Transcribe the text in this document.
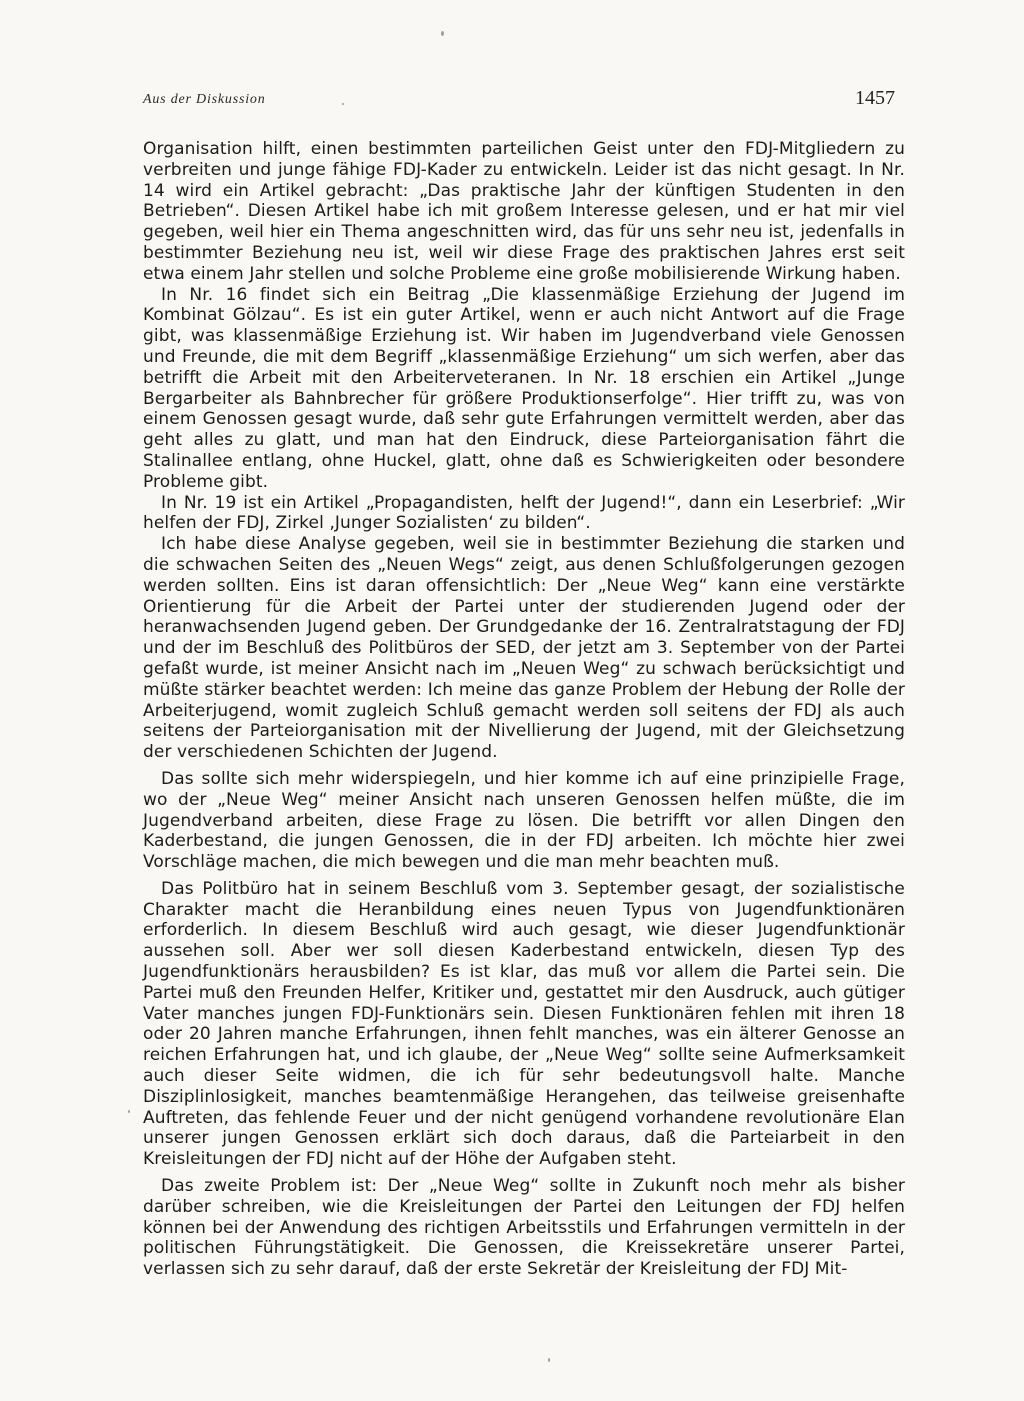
Aus der Diskussion	1457

Organisation hilft, einen bestimmten parteilichen Geist unter den FDJ-Mitgliedern zu verbreiten und junge fähige FDJ-Kader zu entwickeln. Leider ist das nicht gesagt. In Nr. 14 wird ein Artikel gebracht: „Das praktische Jahr der künftigen Studenten in den Betrieben“. Diesen Artikel habe ich mit großem Interesse gelesen, und er hat mir viel gegeben, weil hier ein Thema angeschnitten wird, das für uns sehr neu ist, jedenfalls in bestimmter Beziehung neu ist, weil wir diese Frage des praktischen Jahres erst seit etwa einem Jahr stellen und solche Probleme eine große mobilisierende Wirkung haben.

In Nr. 16 findet sich ein Beitrag „Die klassenmäßige Erziehung der Jugend im Kombinat Gölzau“. Es ist ein guter Artikel, wenn er auch nicht Antwort auf die Frage gibt, was klassenmäßige Erziehung ist. Wir haben im Jugendverband viele Genossen und Freunde, die mit dem Begriff „klassenmäßige Erziehung“ um sich werfen, aber das betrifft die Arbeit mit den Arbeiterveteranen. In Nr. 18 erschien ein Artikel „Junge Bergarbeiter als Bahnbrecher für größere Produktionserfolge“. Hier trifft zu, was von einem Genossen gesagt wurde, daß sehr gute Erfahrungen vermittelt werden, aber das geht alles zu glatt, und man hat den Eindruck, diese Parteiorganisation fährt die Stalinallee entlang, ohne Huckel, glatt, ohne daß es Schwierigkeiten oder besondere Probleme gibt.

In Nr. 19 ist ein Artikel „Propagandisten, helft der Jugend!“, dann ein Leserbrief: „Wir helfen der FDJ, Zirkel ‚Junger Sozialisten‘ zu bilden“.

Ich habe diese Analyse gegeben, weil sie in bestimmter Beziehung die starken und die schwachen Seiten des „Neuen Wegs“ zeigt, aus denen Schlußfolgerungen gezogen werden sollten. Eins ist daran offensichtlich: Der „Neue Weg“ kann eine verstärkte Orientierung für die Arbeit der Partei unter der studierenden Jugend oder der heranwachsenden Jugend geben. Der Grundgedanke der 16. Zentralratstagung der FDJ und der im Beschluß des Politbüros der SED, der jetzt am 3. September von der Partei gefaßt wurde, ist meiner Ansicht nach im „Neuen Weg“ zu schwach berücksichtigt und müßte stärker beachtet werden: Ich meine das ganze Problem der Hebung der Rolle der Arbeiterjugend, womit zugleich Schluß gemacht werden soll seitens der FDJ als auch seitens der Parteiorganisation mit der Nivellierung der Jugend, mit der Gleichsetzung der verschiedenen Schichten der Jugend.

Das sollte sich mehr widerspiegeln, und hier komme ich auf eine prinzipielle Frage, wo der „Neue Weg“ meiner Ansicht nach unseren Genossen helfen müßte, die im Jugendverband arbeiten, diese Frage zu lösen. Die betrifft vor allen Dingen den Kaderbestand, die jungen Genossen, die in der FDJ arbeiten. Ich möchte hier zwei Vorschläge machen, die mich bewegen und die man mehr beachten muß.

Das Politbüro hat in seinem Beschluß vom 3. September gesagt, der sozialistische Charakter macht die Heranbildung eines neuen Typus von Jugendfunktionären erforderlich. In diesem Beschluß wird auch gesagt, wie dieser Jugendfunktionär aussehen soll. Aber wer soll diesen Kaderbestand entwickeln, diesen Typ des Jugendfunktionärs herausbilden? Es ist klar, das muß vor allem die Partei sein. Die Partei muß den Freunden Helfer, Kritiker und, gestattet mir den Ausdruck, auch gütiger Vater manches jungen FDJ-Funktionärs sein. Diesen Funktionären fehlen mit ihren 18 oder 20 Jahren manche Erfahrungen, ihnen fehlt manches, was ein älterer Genosse an reichen Erfahrungen hat, und ich glaube, der „Neue Weg“ sollte seine Aufmerksamkeit auch dieser Seite widmen, die ich für sehr bedeutungsvoll halte. Manche Disziplinlosigkeit, manches beamtenmäßige Herangehen, das teilweise greisenhafte Auftreten, das fehlende Feuer und der nicht genügend vorhandene revolutionäre Elan unserer jungen Genossen erklärt sich doch daraus, daß die Parteiarbeit in den Kreisleitungen der FDJ nicht auf der Höhe der Aufgaben steht.

Das zweite Problem ist: Der „Neue Weg“ sollte in Zukunft noch mehr als bisher darüber schreiben, wie die Kreisleitungen der Partei den Leitungen der FDJ helfen können bei der Anwendung des richtigen Arbeitsstils und Erfahrungen vermitteln in der politischen Führungstätigkeit. Die Genossen, die Kreissekretäre unserer Partei, verlassen sich zu sehr darauf, daß der erste Sekretär der Kreisleitung der FDJ Mit-
